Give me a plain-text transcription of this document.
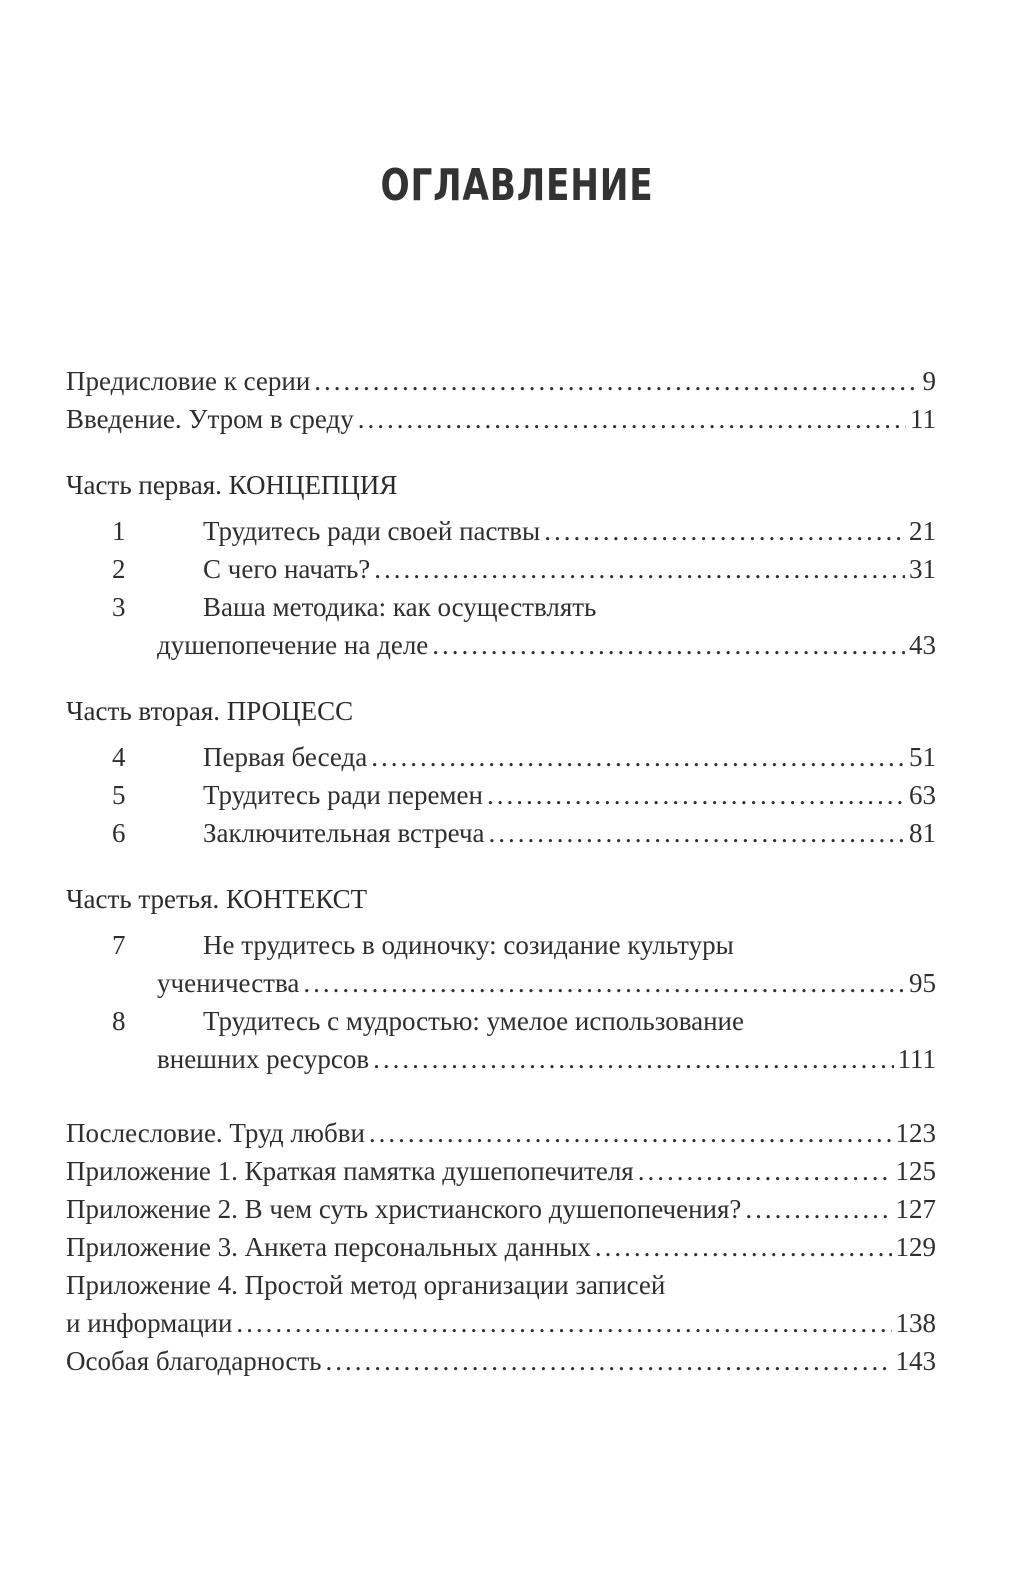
ОГЛАВЛЕНИЕ
Предисловие к серии .....	9
Введение. Утром в среду .....	11
Часть первая. КОНЦЕПЦИЯ
1	Трудитесь ради своей паствы .....	21
2	С чего начать? .....	31
3	Ваша методика: как осуществлять
душепопечение на деле .....	43
Часть вторая. ПРОЦЕСС
4	Первая беседа .....	51
5	Трудитесь ради перемен .....	63
6	Заключительная встреча .....	81
Часть третья. КОНТЕКСТ
7	Не трудитесь в одиночку: созидание культуры
ученичества .....	95
8	Трудитесь с мудростью: умелое использование
внешних ресурсов .....	111
Послесловие. Труд любви .....	123
Приложение 1. Краткая памятка душепопечителя .....	125
Приложение 2. В чем суть христианского душепопечения? .....	127
Приложение 3. Анкета персональных данных .....	129
Приложение 4. Простой метод организации записей
и информации .....	138
Особая благодарность .....	143
